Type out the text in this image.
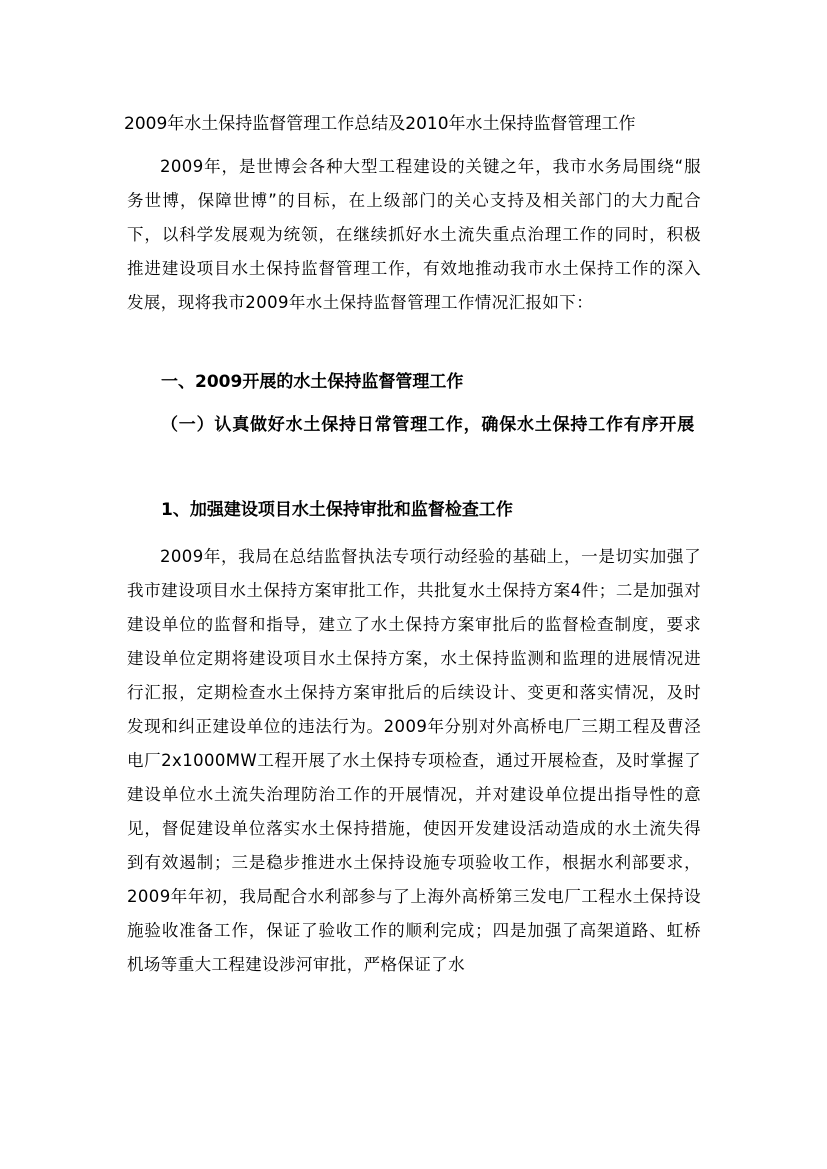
2009年水土保持监督管理工作总结及2010年水土保持监督管理工作

2009年，是世博会各种大型工程建设的关键之年，我市水务局围绕“服务世博，保障世博”的目标，在上级部门的关心支持及相关部门的大力配合下，以科学发展观为统领，在继续抓好水土流失重点治理工作的同时，积极推进建设项目水土保持监督管理工作，有效地推动我市水土保持工作的深入发展，现将我市2009年水土保持监督管理工作情况汇报如下：

一、2009开展的水土保持监督管理工作

（一）认真做好水土保持日常管理工作，确保水土保持工作有序开展

1、加强建设项目水土保持审批和监督检查工作

2009年，我局在总结监督执法专项行动经验的基础上，一是切实加强了我市建设项目水土保持方案审批工作，共批复水土保持方案4件；二是加强对建设单位的监督和指导，建立了水土保持方案审批后的监督检查制度，要求建设单位定期将建设项目水土保持方案，水土保持监测和监理的进展情况进行汇报，定期检查水土保持方案审批后的后续设计、变更和落实情况，及时发现和纠正建设单位的违法行为。2009年分别对外高桥电厂三期工程及曹泾电厂2x1000MW工程开展了水土保持专项检查，通过开展检查，及时掌握了建设单位水土流失治理防治工作的开展情况，并对建设单位提出指导性的意见，督促建设单位落实水土保持措施，使因开发建设活动造成的水土流失得到有效遏制；三是稳步推进水土保持设施专项验收工作，根据水利部要求，2009年年初，我局配合水利部参与了上海外高桥第三发电厂工程水土保持设施验收准备工作，保证了验收工作的顺利完成；四是加强了高架道路、虹桥机场等重大工程建设涉河审批，严格保证了水
